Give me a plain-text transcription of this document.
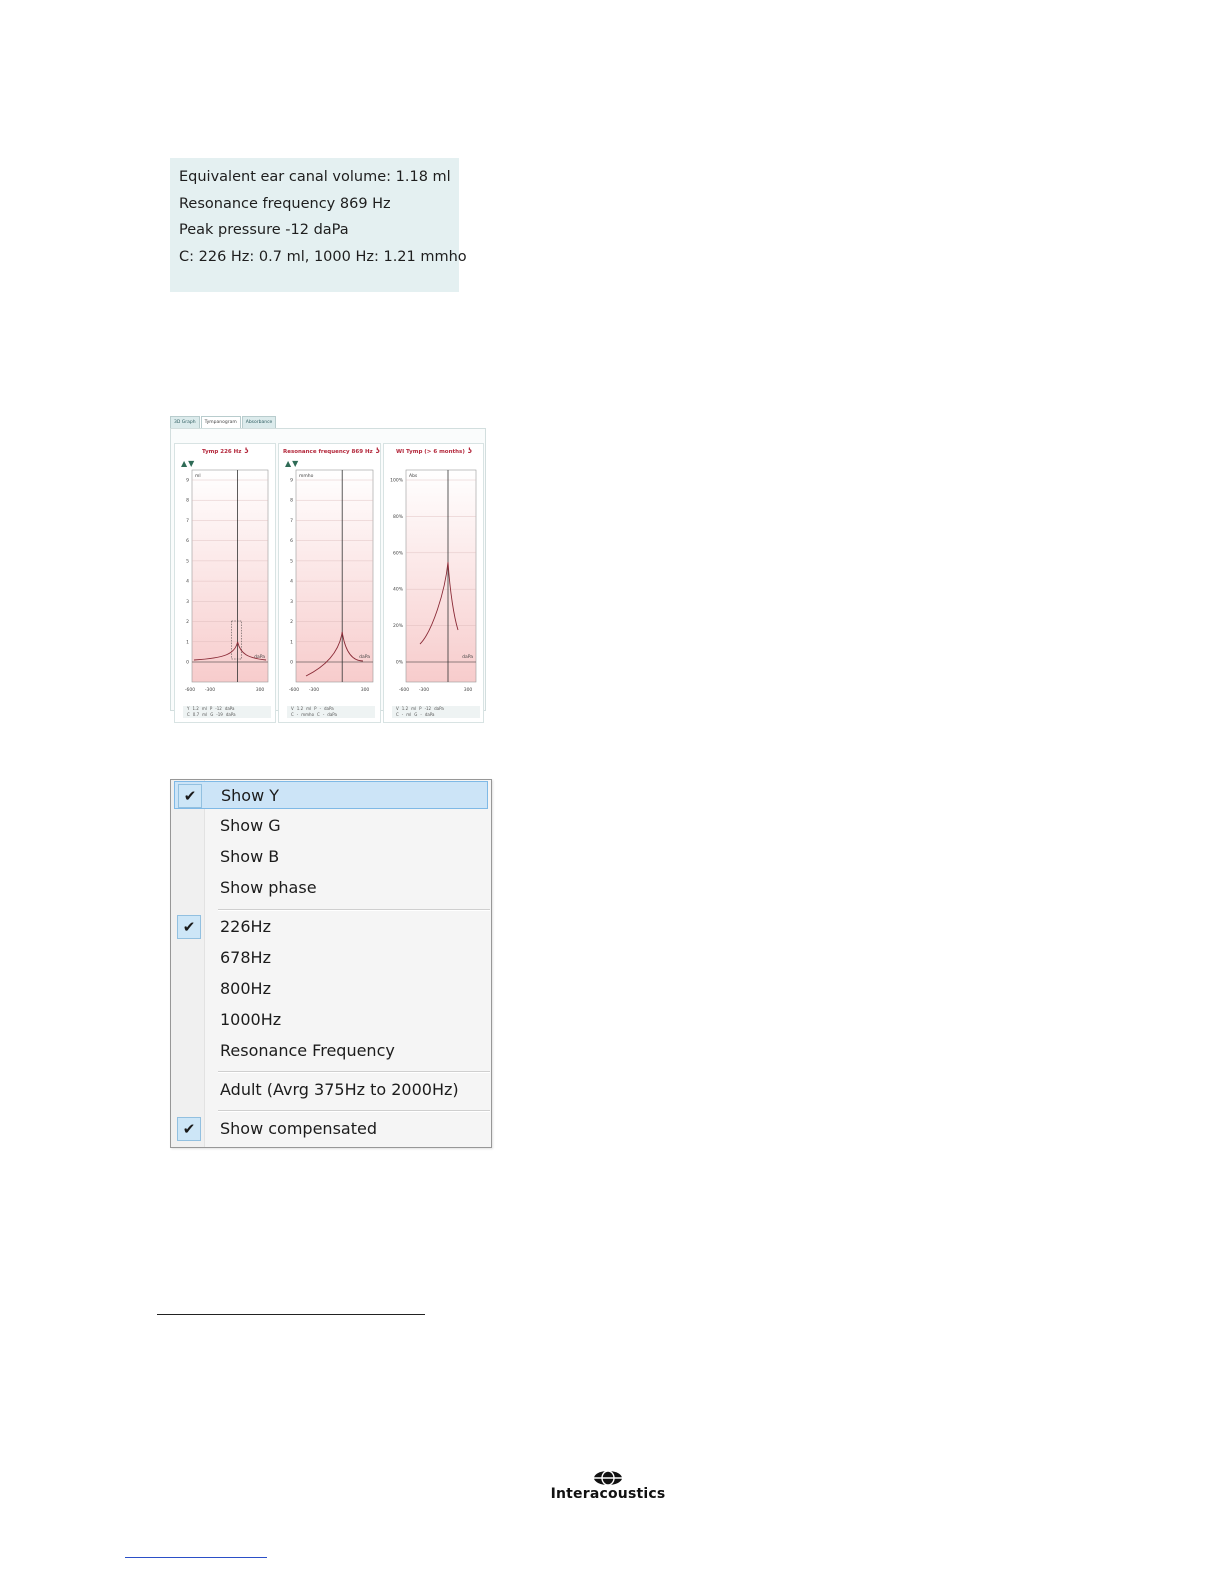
Equivalent ear canal volume: 1.18 ml
Resonance frequency 869 Hz
Peak pressure -12 daPa
C: 226 Hz: 0.7 ml, 1000 Hz: 1.21 mmho
3D Graph	Tympanogram	Absorbance
9
8
7
6
5
4
3
2
1
0
-600 -300	300
ml
daPa
Tymp 226 Hz ʖ
▲▼
Y 1.2 ml P -12 daPa
C 0.7 ml G -19 daPa
9
8
7
6
5
4
3
2
1
0
-600 -300	300
mmho
daPa
Resonance frequency 869 Hz ʖ
▲▼
V 1.2 ml P - daPa
C - mmho C - daPa
100%
80%
60%
40%
20%
0%
-600 -300	300
Abs
daPa
WI Tymp (> 6 months) ʖ
V 1.2 ml P -12 daPa
C - ml G - daPa
✔	Show Y
Show G
Show B
Show phase
✔	226Hz
678Hz
800Hz
1000Hz
Resonance Frequency
Adult (Avrg 375Hz to 2000Hz)
✔	Show compensated
Interacoustics
